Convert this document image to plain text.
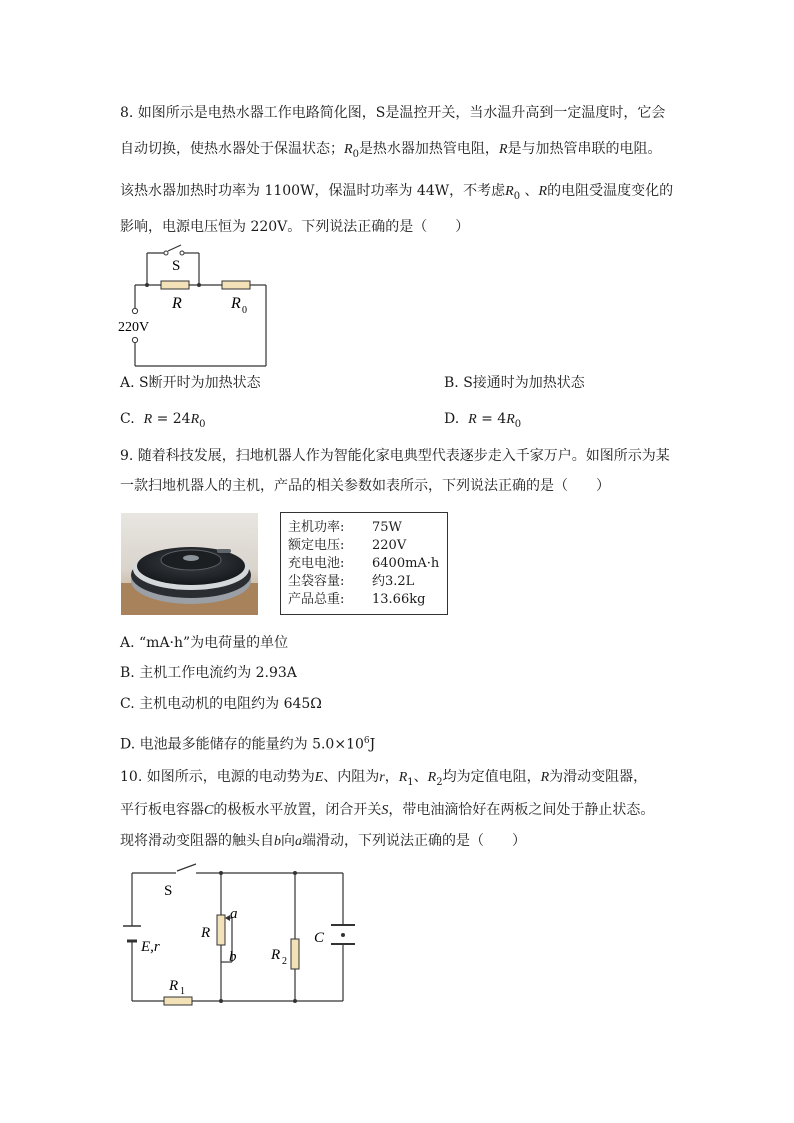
8. 如图所示是电热水器工作电路简化图，S是温控开关，当水温升高到一定温度时，它会
自动切换，使热水器处于保温状态；$R_0$是热水器加热管电阻，R是与加热管串联的电阻。
该热水器加热时功率为 1100W，保温时功率为 44W，不考虑$R_0$ 、R的电阻受温度变化的
影响，电源电压恒为 220V。下列说法正确的是（　　）
S
R	R 0
220V
A. S断开时为加热状态	B. S接通时为加热状态
C. $R = 24R_0$	D. $R = 4R_0$
9. 随着科技发展，扫地机器人作为智能化家电典型代表逐步走入千家万户。如图所示为某
一款扫地机器人的主机，产品的相关参数如表所示，下列说法正确的是（　　）
主机功率: 75W
额定电压: 220V
充电电池: 6400mA·h
尘袋容量: 约3.2L
产品总重: 13.66kg
A. “mA·h”为电荷量的单位
B. 主机工作电流约为 2.93A
C. 主机电动机的电阻约为 645Ω
D. 电池最多能储存的能量约为 $5.0\times 10^6J$
10. 如图所示，电源的电动势为E、内阻为r，$R_1$、$R_2$均为定值电阻，R为滑动变阻器，
平行板电容器C的极板水平放置，闭合开关S，带电油滴恰好在两板之间处于静止状态。
现将滑动变阻器的触头自b向a端滑动，下列说法正确的是（　　）
S
E,r
R 1
R
a
b R 2
C
